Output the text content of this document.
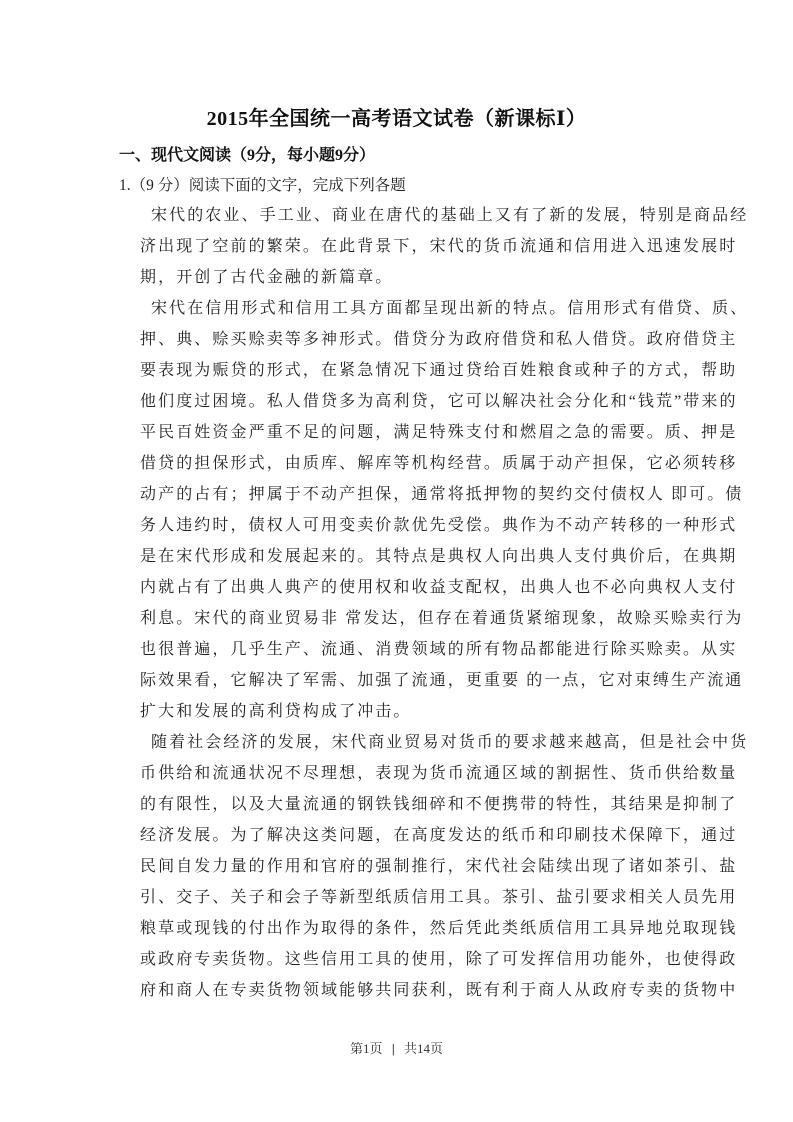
2015年全国统一高考语文试卷（新课标Ⅰ）
一、现代文阅读（9分，每小题9分）
1.（9 分）阅读下面的文字，完成下列各题
宋代的农业、手工业、商业在唐代的基础上又有了新的发展，特别是商品经
济出现了空前的繁荣。在此背景下，宋代的货币流通和信用进入迅速发展时
期，开创了古代金融的新篇章。
宋代在信用形式和信用工具方面都呈现出新的特点。信用形式有借贷、质、
押、典、赊买赊卖等多神形式。借贷分为政府借贷和私人借贷。政府借贷主
要表现为赈贷的形式，在紧急情况下通过贷给百姓粮食或种子的方式，帮助
他们度过困境。私人借贷多为高利贷，它可以解决社会分化和“钱荒”带来的
平民百姓资金严重不足的问题，满足特殊支付和燃眉之急的需要。质、押是
借贷的担保形式，由质库、解库等机构经营。质属于动产担保，它必须转移
动产的占有；押属于不动产担保，通常将抵押物的契约交付债权人 即可。债
务人违约时，债权人可用变卖价款优先受偿。典作为不动产转移的一种形式
是在宋代形成和发展起来的。其特点是典权人向出典人支付典价后，在典期
内就占有了出典人典产的使用权和收益支配权，出典人也不必向典权人支付
利息。宋代的商业贸易非 常发达，但存在着通货紧缩现象，故赊买赊卖行为
也很普遍，几乎生产、流通、消费领域的所有物品都能进行除买赊卖。从实
际效果看，它解决了军需、加强了流通，更重要 的一点，它对束缚生产流通
扩大和发展的高利贷构成了冲击。
随着社会经济的发展，宋代商业贸易对货币的要求越来越高，但是社会中货
币供给和流通状况不尽理想，表现为货币流通区域的割据性、货币供给数量
的有限性，以及大量流通的钢铁钱细碎和不便携带的特性，其结果是抑制了
经济发展。为了解决这类问题，在高度发达的纸币和印刷技术保障下，通过
民间自发力量的作用和官府的强制推行，宋代社会陆续出现了诸如茶引、盐
引、交子、关子和会子等新型纸质信用工具。茶引、盐引要求相关人员先用
粮草或现钱的付出作为取得的条件，然后凭此类纸质信用工具异地兑取现钱
或政府专卖货物。这些信用工具的使用，除了可发挥信用功能外，也使得政
府和商人在专卖货物领域能够共同获利，既有利于商人从政府专卖的货物中
第1页 | 共14页
